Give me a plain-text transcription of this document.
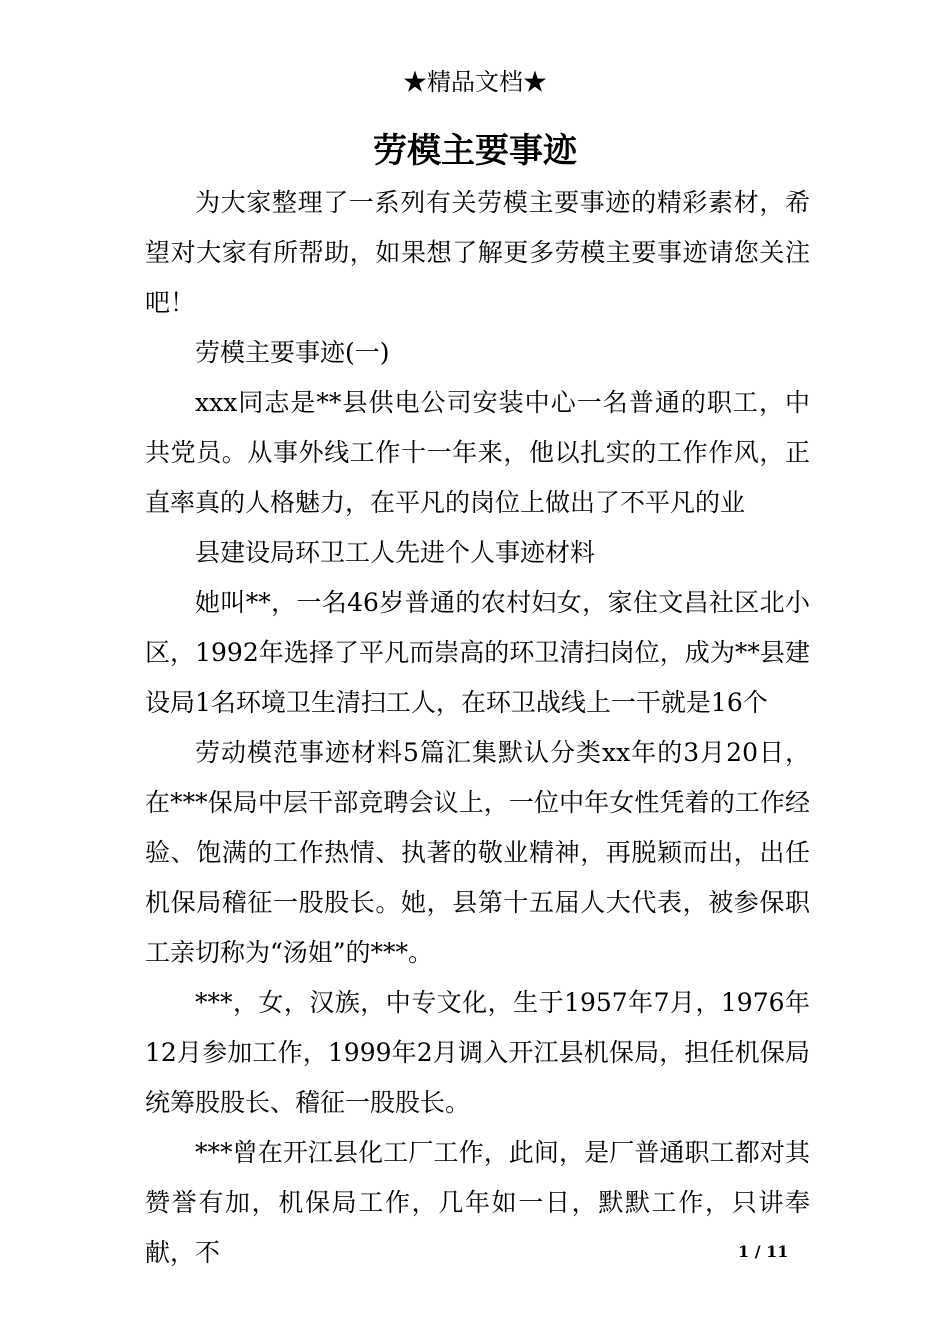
★精品文档★
劳模主要事迹

为大家整理了一系列有关劳模主要事迹的精彩素材，希望对大家有所帮助，如果想了解更多劳模主要事迹请您关注吧！

劳模主要事迹(一)

xxx同志是**县供电公司安装中心一名普通的职工，中共党员。从事外线工作十一年来，他以扎实的工作作风，正直率真的人格魅力，在平凡的岗位上做出了不平凡的业

县建设局环卫工人先进个人事迹材料

她叫**，一名46岁普通的农村妇女，家住文昌社区北小区，1992年选择了平凡而崇高的环卫清扫岗位，成为**县建设局1名环境卫生清扫工人，在环卫战线上一干就是16个

劳动模范事迹材料5篇汇集默认分类xx年的3月20日，在***保局中层干部竞聘会议上，一位中年女性凭着的工作经验、饱满的工作热情、执著的敬业精神，再脱颖而出，出任机保局稽征一股股长。她，县第十五届人大代表，被参保职工亲切称为“汤姐”的***。

***，女，汉族，中专文化，生于1957年7月，1976年12月参加工作，1999年2月调入开江县机保局，担任机保局统筹股股长、稽征一股股长。

***曾在开江县化工厂工作，此间，是厂普通职工都对其赞誉有加，机保局工作，几年如一日，默默工作，只讲奉献，不	1 / 11
